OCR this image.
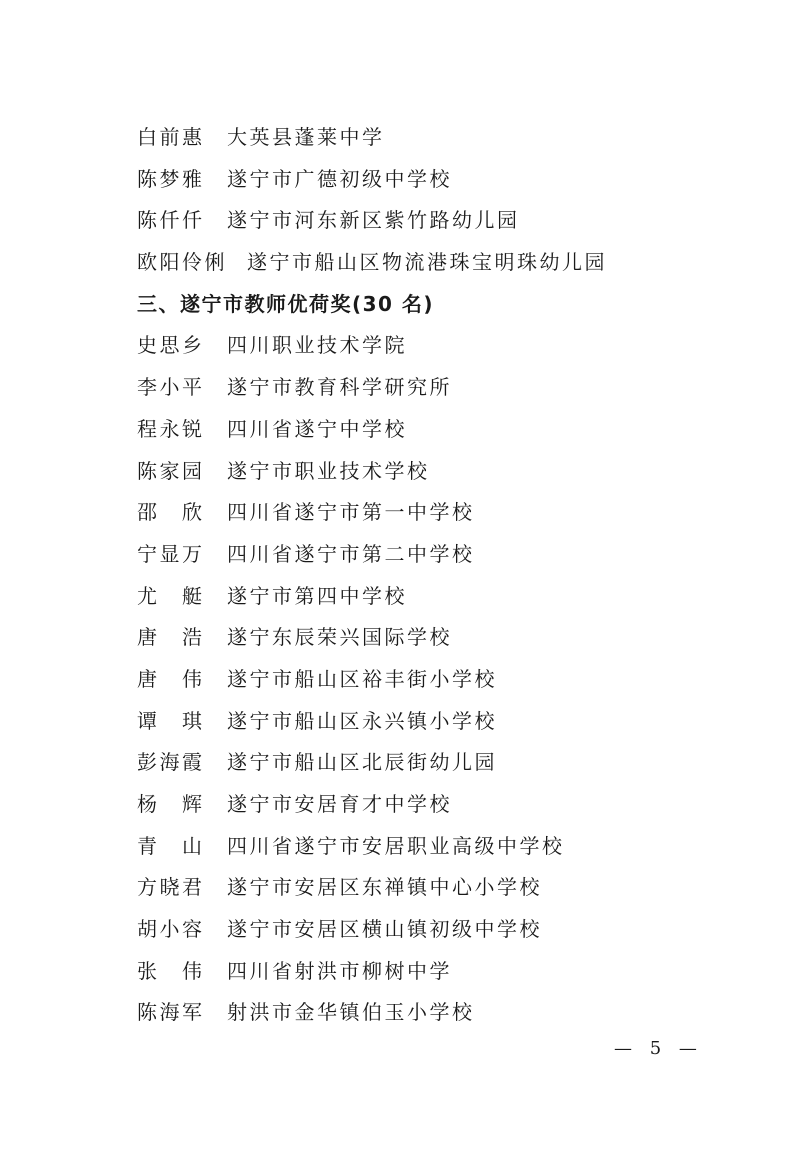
白前惠 大英县蓬莱中学
陈梦雅 遂宁市广德初级中学校
陈仟仟 遂宁市河东新区紫竹路幼儿园
欧阳伶俐 遂宁市船山区物流港珠宝明珠幼儿园
三、遂宁市教师优荷奖(30 名)
史思乡 四川职业技术学院
李小平 遂宁市教育科学研究所
程永锐 四川省遂宁中学校
陈家园 遂宁市职业技术学校
邵　欣 四川省遂宁市第一中学校
宁显万 四川省遂宁市第二中学校
尤　艇 遂宁市第四中学校
唐　浩 遂宁东辰荣兴国际学校
唐　伟 遂宁市船山区裕丰街小学校
谭　琪 遂宁市船山区永兴镇小学校
彭海霞 遂宁市船山区北辰街幼儿园
杨　辉 遂宁市安居育才中学校
青　山 四川省遂宁市安居职业高级中学校
方晓君 遂宁市安居区东禅镇中心小学校
胡小容 遂宁市安居区横山镇初级中学校
张　伟 四川省射洪市柳树中学
陈海军 射洪市金华镇伯玉小学校
— 5 —
